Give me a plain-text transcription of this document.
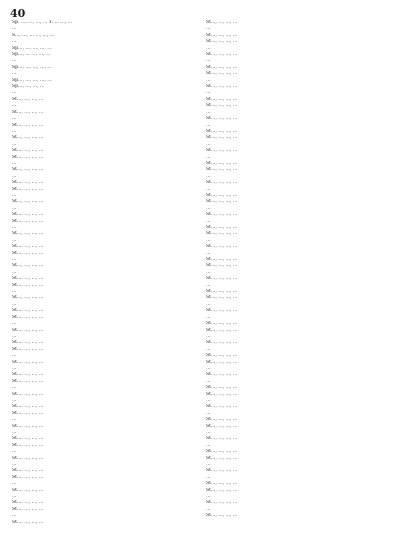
40
Sp. ..., ..., ..., ... 1. ... ..., ...
...
S..., ..., ... ..., ..., ...
...
Sp..., ..., ..., ..., ...
Sp..., ... ..., ..., ...
...
Sp..., ..., ..., ..., ...
...
Sp..., ..., ..., ..., ...
Sp..., ..., ..., ...
...
St..., ..., ..., ...
...
St..., ..., ..., ...
...
St..., ..., ..., ...
...
St..., ..., ..., ...
...
St..., ..., ..., ...
St..., ..., ..., ...
...
St..., ..., ..., ...
...
St..., ..., ..., ...
St..., ..., ..., ...
...
St..., ..., ..., ...
...
St..., ..., ..., ...
St..., ..., ..., ...
...
St..., ..., ..., ...
...
St..., ..., ..., ...
St..., ..., ..., ...
...
St..., ..., ..., ...
...
St..., ..., ..., ...
St..., ..., ..., ...
...
St..., ..., ..., ...
...
St..., ..., ..., ...
St..., ..., ..., ...
...
St..., ..., ..., ...
...
St..., ..., ..., ...
St..., ..., ..., ...
...
St..., ..., ..., ...
...
St..., ..., ..., ...
St..., ..., ..., ...
...
St..., ..., ..., ...
...
St..., ..., ..., ...
St..., ..., ..., ...
...
St..., ..., ..., ...
...
St..., ..., ..., ...
St..., ..., ..., ...
...
St..., ..., ..., ...
...
St..., ..., ..., ...
St..., ..., ..., ...
...
St..., ..., ..., ...
...
St..., ..., ..., ...
St..., ..., ..., ...
...
St..., ..., ..., ...
St..., ..., ..., ...
...
St..., ..., ..., ...
St..., ..., ..., ...
...
St..., ..., ..., ...
...
St..., ..., ..., ...
St..., ..., ..., ...
...
St..., ..., ..., ...
...
St..., ..., ..., ...
St..., ..., ..., ...
...
St..., ..., ..., ...
...
St..., ..., ..., ...
St..., ..., ..., ...
...
St..., ..., ..., ...
...
St..., ..., ..., ...
St..., ..., ..., ...
...
St..., ..., ..., ...
...
St..., ..., ..., ...
St..., ..., ..., ...
...
St..., ..., ..., ...
...
St..., ..., ..., ...
St..., ..., ..., ...
...
St..., ..., ..., ...
...
St..., ..., ..., ...
St..., ..., ..., ...
...
St..., ..., ..., ...
...
St..., ..., ..., ...
St..., ..., ..., ...
...
St..., ..., ..., ...
...
St..., ..., ..., ...
St..., ..., ..., ...
...
St..., ..., ..., ...
...
St..., ..., ..., ...
St..., ..., ..., ...
...
St..., ..., ..., ...
...
St..., ..., ..., ...
St..., ..., ..., ...
...
St..., ..., ..., ...
...
St..., ..., ..., ...
St..., ..., ..., ...
...
St..., ..., ..., ...
...
St..., ..., ..., ...
St..., ..., ..., ...
...
St..., ..., ..., ...
...
St..., ..., ..., ...
St..., ..., ..., ...
...
St..., ..., ..., ...
...
St..., ..., ..., ...
